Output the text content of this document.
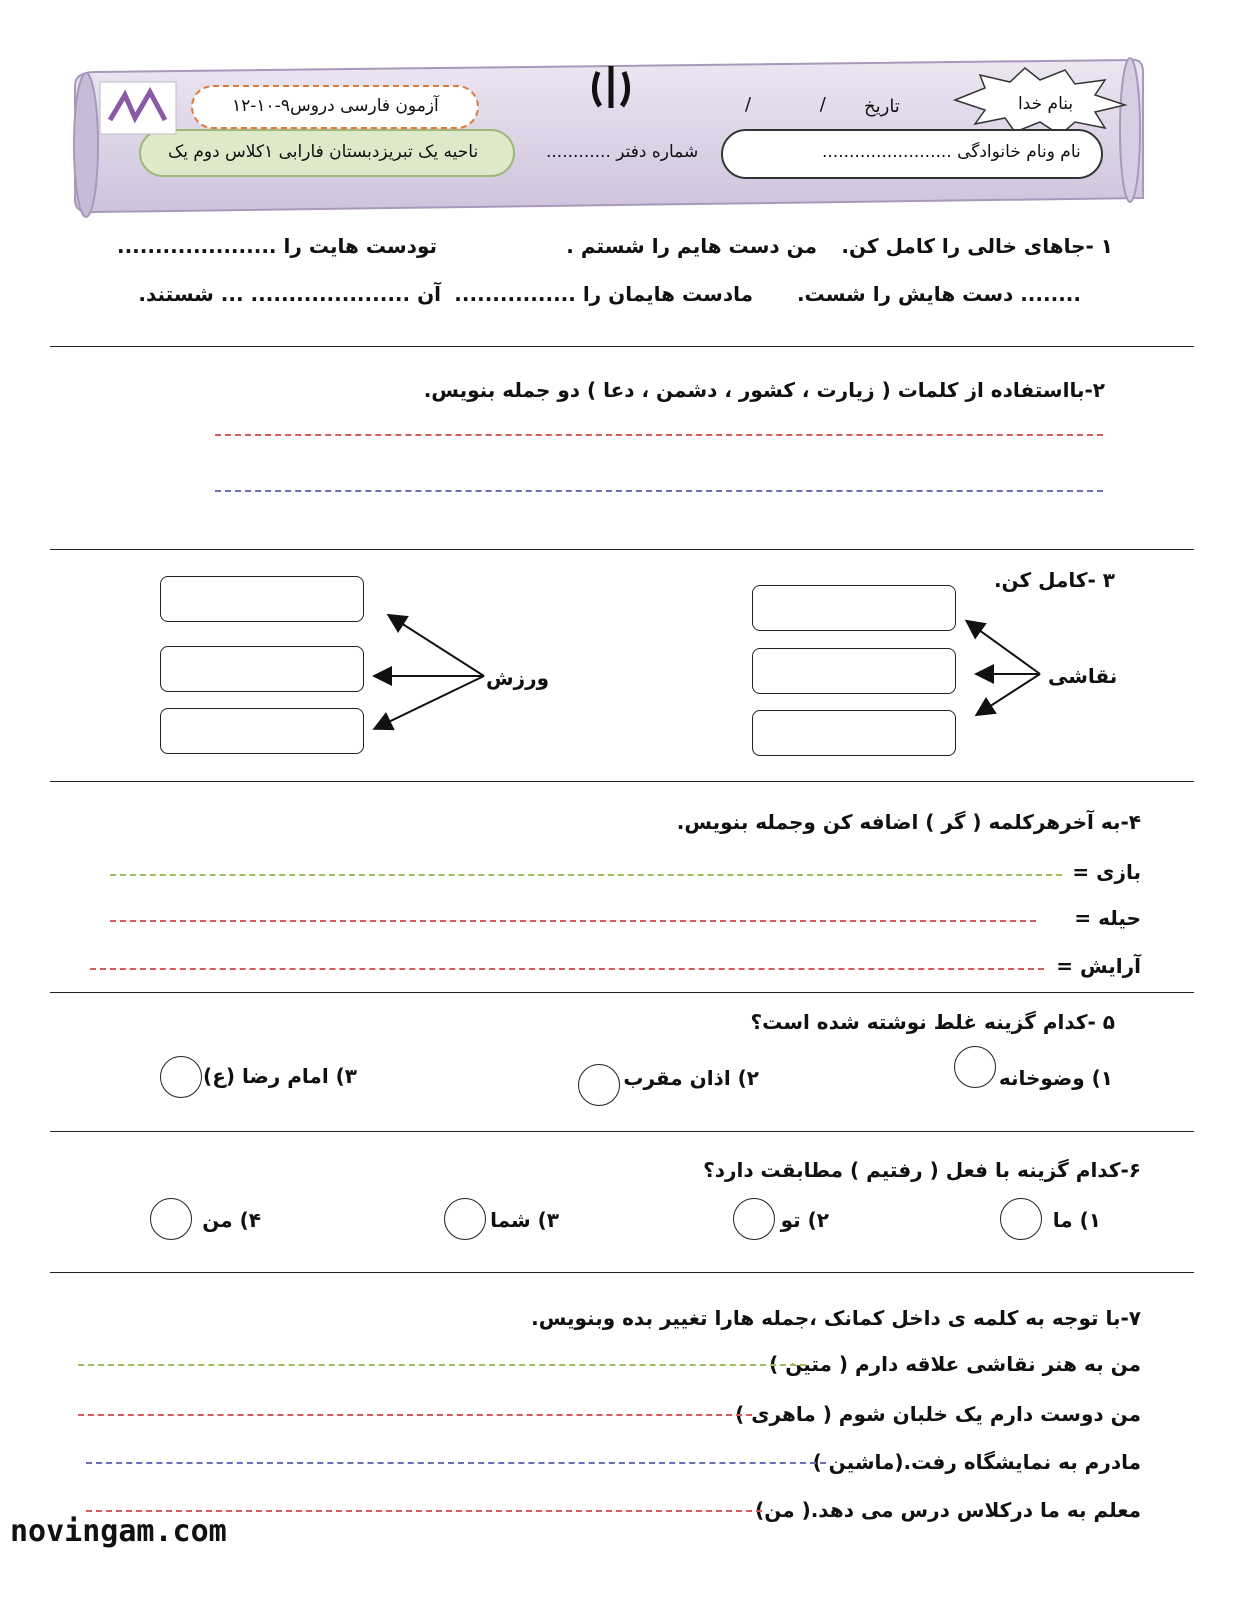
بنام خدا
تاریخ
/            /
آزمون فارسی دروس۹-۱۰-۱۲
ناحیه یک تبریزدبستان فارابی ۱کلاس دوم یک	شماره دفتر ............	نام ونام خانوادگی ........................
۱ -جاهای خالی را کامل کن.
من دست هایم را شستم .
تودست هایت را .....................
........ دست هایش را شست.
مادست هایمان را ................
آن ..................... ... شستند.
۲-بااستفاده از کلمات ( زیارت ، کشور ، دشمن ، دعا ) دو جمله بنویس.
۳ -کامل کن.
نقاشی
ورزش
۴-به آخرهرکلمه ( گر ) اضافه کن وجمله بنویس.
بازی =
حیله =
آرایش =
۵ -کدام گزینه غلط نوشته شده است؟
۱) وضوخانه
۲) اذان مقرب
۳) امام رضا (ع)
۶-کدام گزینه با فعل ( رفتیم ) مطابقت دارد؟
۱) ما
۲) تو
۳) شما
۴) من
۷-با توجه به کلمه ی داخل کمانک ،جمله هارا تغییر بده وبنویس.
من به هنر نقاشی علاقه دارم ( متین )
من دوست دارم یک خلبان شوم ( ماهری )
مادرم به نمایشگاه رفت.(ماشین )
معلم به ما درکلاس درس می دهد.( من)
novingam.com
